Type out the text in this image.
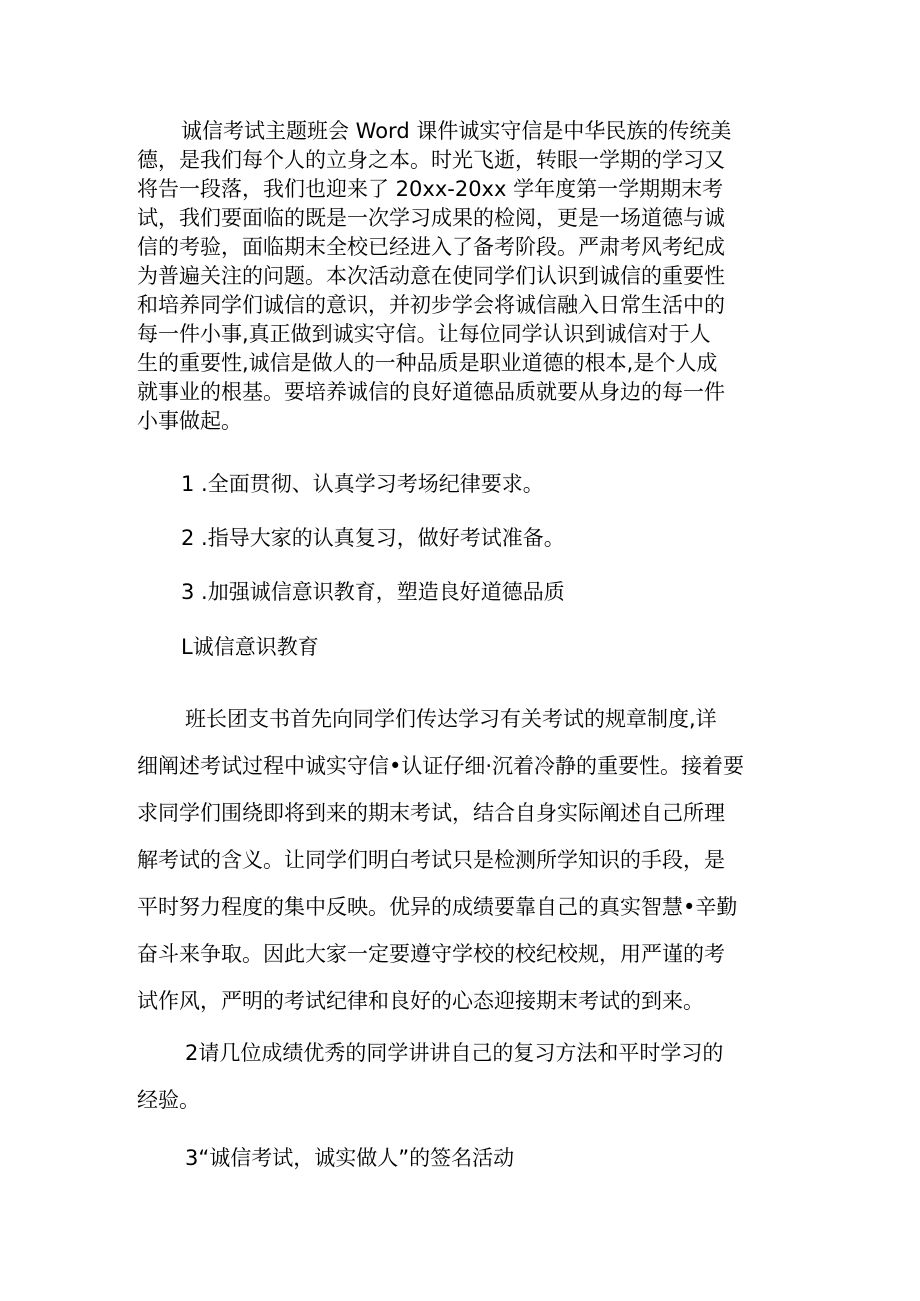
诚信考试主题班会 Word 课件诚实守信是中华民族的传统美
德，是我们每个人的立身之本。时光飞逝，转眼一学期的学习又
将告一段落，我们也迎来了 20xx-20xx 学年度第一学期期末考
试，我们要面临的既是一次学习成果的检阅，更是一场道德与诚
信的考验，面临期末全校已经进入了备考阶段。严肃考风考纪成
为普遍关注的问题。本次活动意在使同学们认识到诚信的重要性
和培养同学们诚信的意识，并初步学会将诚信融入日常生活中的
每一件小事,真正做到诚实守信。让每位同学认识到诚信对于人
生的重要性,诚信是做人的一种品质是职业道德的根本,是个人成
就事业的根基。要培养诚信的良好道德品质就要从身边的每一件
小事做起。

1 .全面贯彻、认真学习考场纪律要求。

2 .指导大家的认真复习，做好考试准备。

3 .加强诚信意识教育，塑造良好道德品质

L诚信意识教育

班长团支书首先向同学们传达学习有关考试的规章制度,详
细阐述考试过程中诚实守信•认证仔细·沉着冷静的重要性。接着要
求同学们围绕即将到来的期末考试，结合自身实际阐述自己所理
解考试的含义。让同学们明白考试只是检测所学知识的手段，是
平时努力程度的集中反映。优异的成绩要靠自己的真实智慧•辛勤
奋斗来争取。因此大家一定要遵守学校的校纪校规，用严谨的考
试作风，严明的考试纪律和良好的心态迎接期末考试的到来。
2请几位成绩优秀的同学讲讲自己的复习方法和平时学习的
经验。

3“诚信考试，诚实做人”的签名活动
